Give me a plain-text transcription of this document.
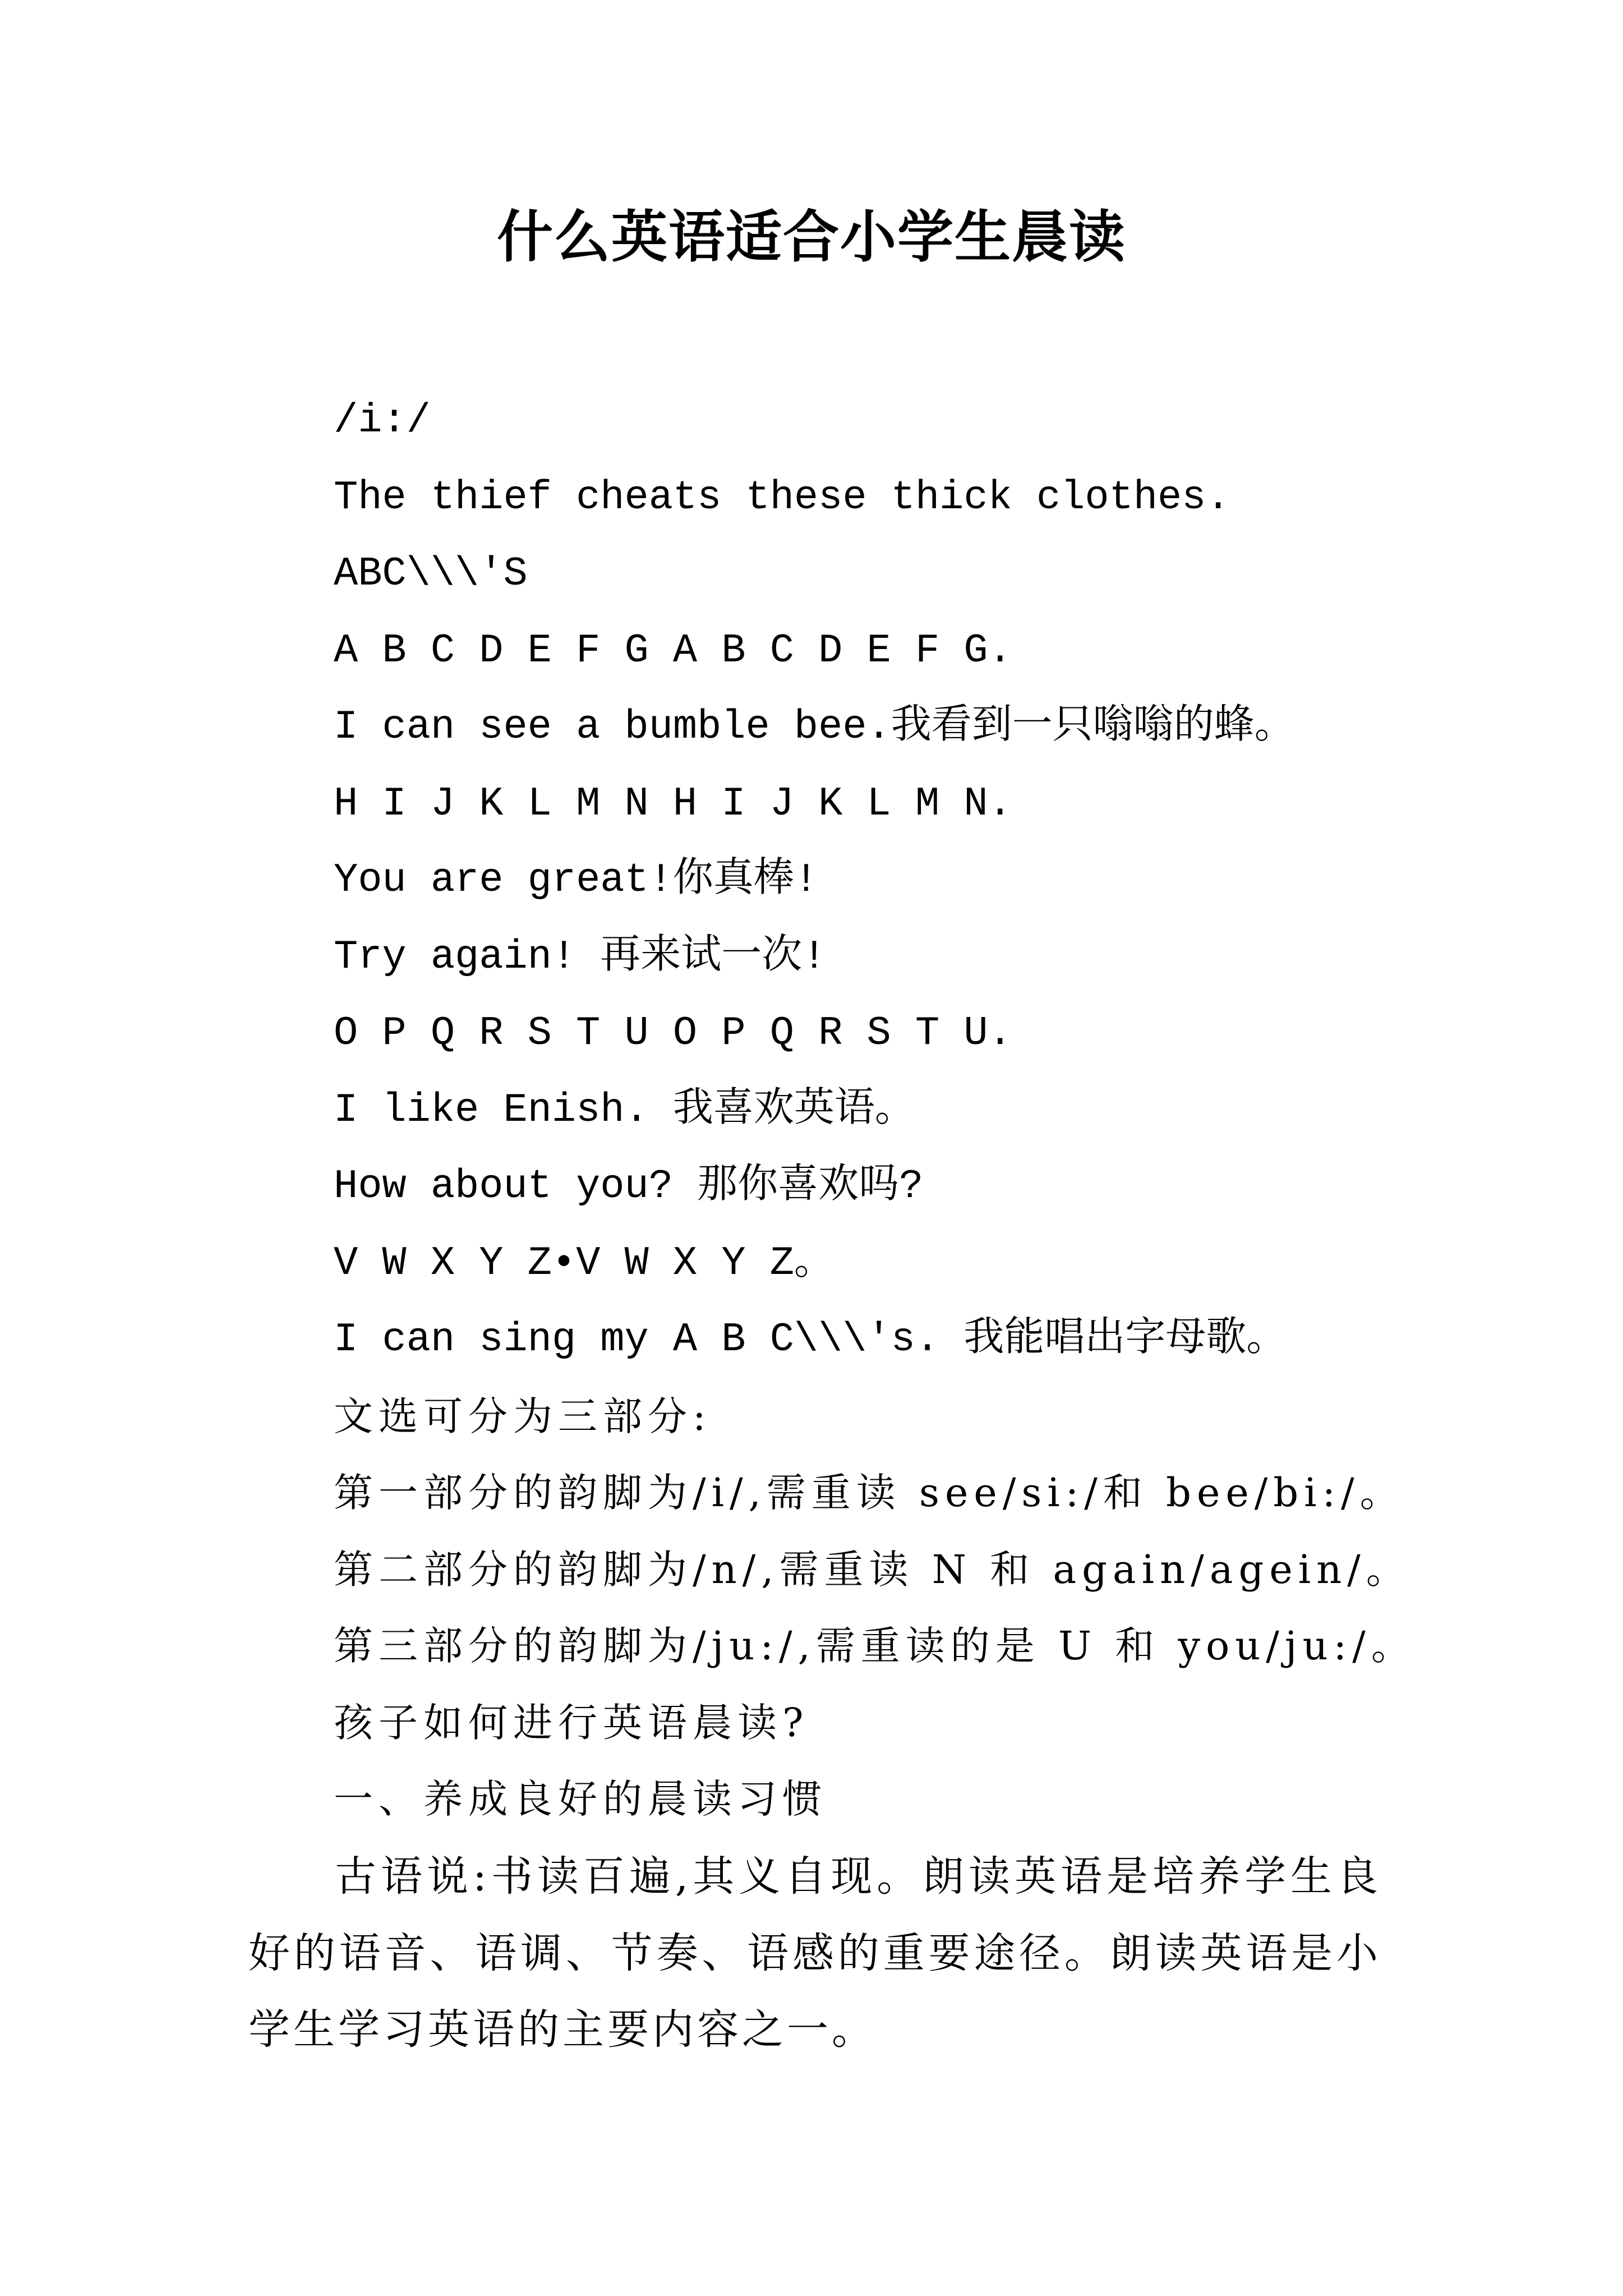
什么英语适合小学生晨读
/i:/
The thief cheats these thick clothes.
ABC\\\'S
A B C D E F G A B C D E F G.
I can see a bumble bee.我看到一只嗡嗡的蜂。
H I J K L M N H I J K L M N.
You are great!你真棒!
Try again! 再来试一次!
O P Q R S T U O P Q R S T U.
I like Enish. 我喜欢英语。
How about you? 那你喜欢吗?
V W X Y Z•V W X Y Z。
I can sing my A B C\\\'s. 我能唱出字母歌。
文选可分为三部分:
第一部分的韵脚为/i/,需重读 see/si:/和 bee/bi:/。
第二部分的韵脚为/n/,需重读 N 和 again/agein/。
第三部分的韵脚为/ju:/,需重读的是 U 和 you/ju:/。
孩子如何进行英语晨读?
一、养成良好的晨读习惯
古语说:书读百遍,其义自现。朗读英语是培养学生良好的语音、语调、节奏、语感的重要途径。朗读英语是小学生学习英语的主要内容之一。
